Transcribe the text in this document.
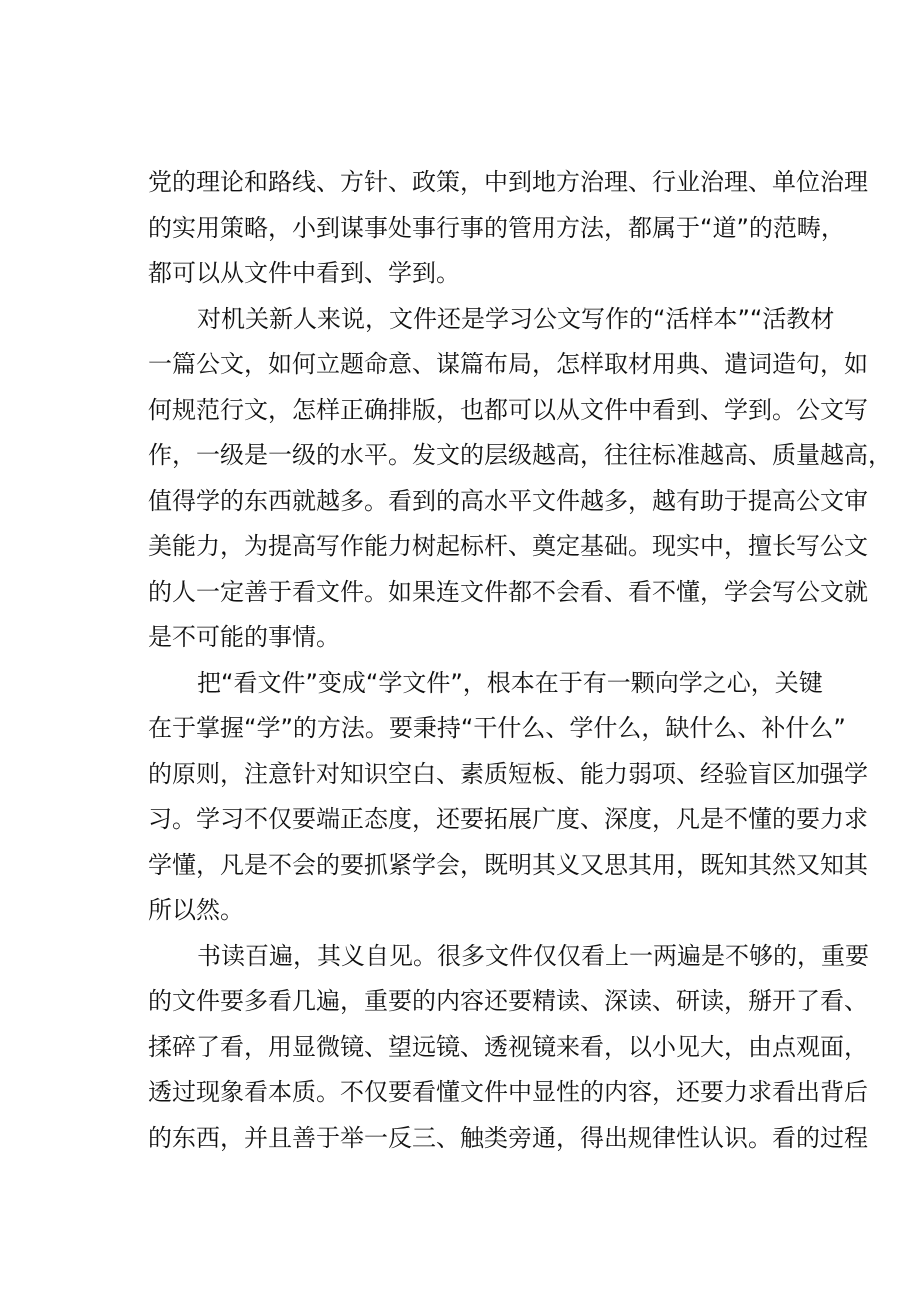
党 的 理 论 和 路 线 、 方 针 、 政 策 ， 中 到 地 方 治 理 、 行 业 治 理 、 单 位 治 理
的 实 用 策 略 ， 小 到 谋 事 处 事 行 事 的 管 用 方 法 ， 都 属 于 “ 道 ” 的 范 畴 ，
都 可 以 从 文 件 中 看 到 、 学 到 。
对 机 关 新 人 来 说 ， 文 件 还 是 学 习 公 文 写 作 的 “ 活 样 本 ” “ 活 教 材
一 篇 公 文 ， 如 何 立 题 命 意 、 谋 篇 布 局 ， 怎 样 取 材 用 典 、 遣 词 造 句 ， 如
何 规 范 行 文 ， 怎 样 正 确 排 版 ， 也 都 可 以 从 文 件 中 看 到 、 学 到 。 公 文 写
作 ， 一 级 是 一 级 的 水 平 。 发 文 的 层 级 越 高 ， 往 往 标 准 越 高 、 质 量 越 高 ，
值 得 学 的 东 西 就 越 多 。 看 到 的 高 水 平 文 件 越 多 ， 越 有 助 于 提 高 公 文 审
美 能 力 ， 为 提 高 写 作 能 力 树 起 标 杆 、 奠 定 基 础 。 现 实 中 ， 擅 长 写 公 文
的 人 一 定 善 于 看 文 件 。 如 果 连 文 件 都 不 会 看 、 看 不 懂 ， 学 会 写 公 文 就
是 不 可 能 的 事 情 。
把 “ 看 文 件 ” 变 成 “ 学 文 件 ” ， 根 本 在 于 有 一 颗 向 学 之 心 ， 关 键
在 于 掌 握 “ 学 ” 的 方 法 。 要 秉 持 “ 干 什 么 、 学 什 么 ， 缺 什 么 、 补 什 么 ”
的 原 则 ， 注 意 针 对 知 识 空 白 、 素 质 短 板 、 能 力 弱 项 、 经 验 盲 区 加 强 学
习 。 学 习 不 仅 要 端 正 态 度 ， 还 要 拓 展 广 度 、 深 度 ， 凡 是 不 懂 的 要 力 求
学 懂 ， 凡 是 不 会 的 要 抓 紧 学 会 ， 既 明 其 义 又 思 其 用 ， 既 知 其 然 又 知 其
所 以 然 。
书 读 百 遍 ， 其 义 自 见 。 很 多 文 件 仅 仅 看 上 一 两 遍 是 不 够 的 ， 重 要
的 文 件 要 多 看 几 遍 ， 重 要 的 内 容 还 要 精 读 、 深 读 、 研 读 ， 掰 开 了 看 、
揉 碎 了 看 ， 用 显 微 镜 、 望 远 镜 、 透 视 镜 来 看 ， 以 小 见 大 ， 由 点 观 面 ，
透 过 现 象 看 本 质 。 不 仅 要 看 懂 文 件 中 显 性 的 内 容 ， 还 要 力 求 看 出 背 后
的 东 西 ， 并 且 善 于 举 一 反 三 、 触 类 旁 通 ， 得 出 规 律 性 认 识 。 看 的 过 程
